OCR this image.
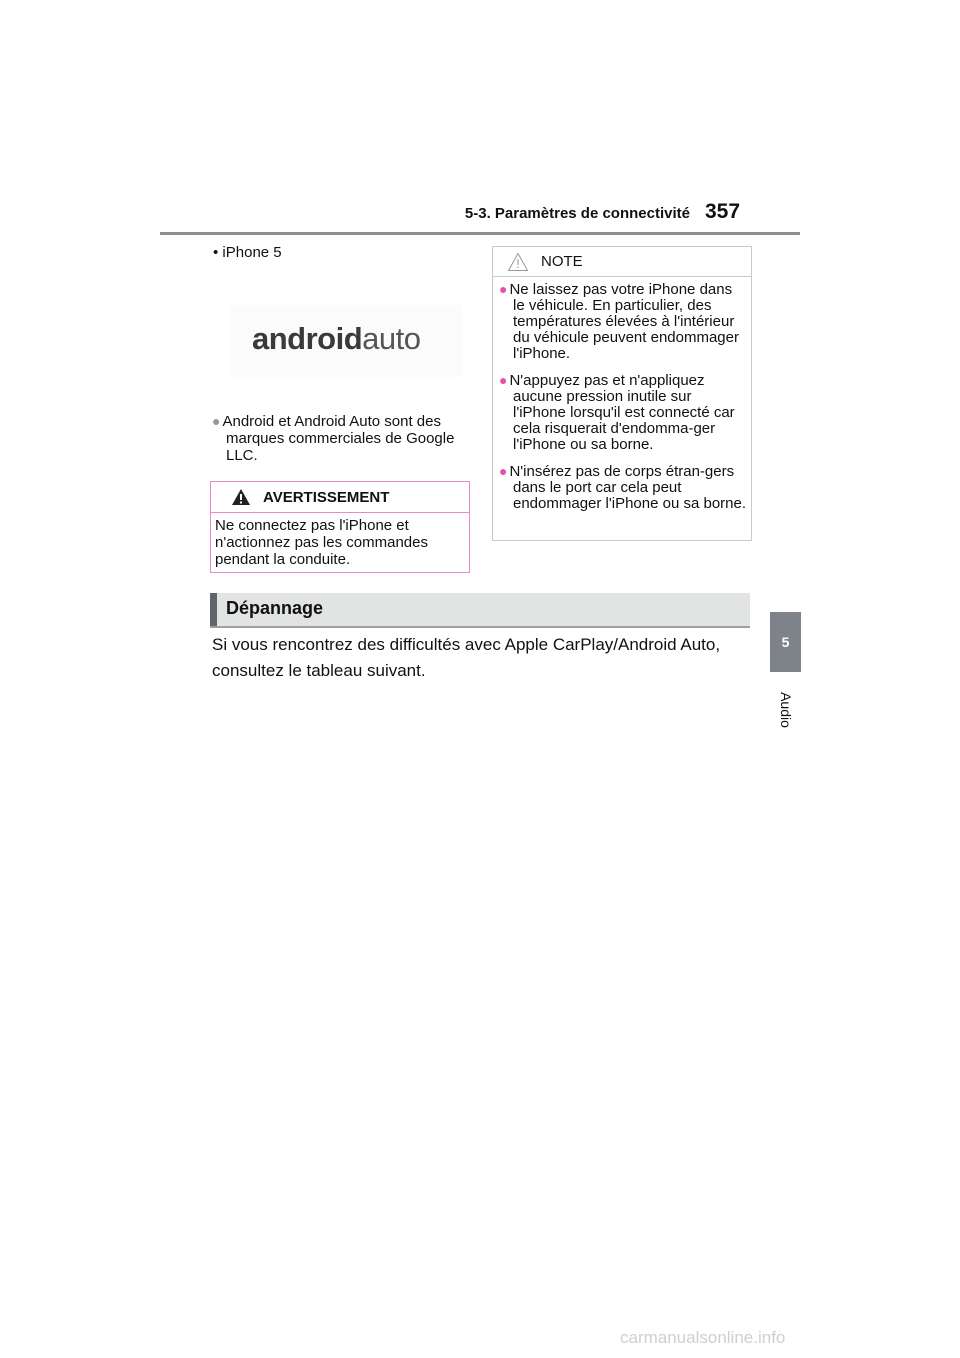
5-3. Paramètres de connectivité 357
5
Audio
• iPhone 5
androidauto
● Android et Android Auto sont des marques commerciales de Google LLC.
AVERTISSEMENT
Ne connectez pas l'iPhone et n'actionnez pas les commandes pendant la conduite.
NOTE
● Ne laissez pas votre iPhone dans le véhicule. En particulier, des températures élevées à l'intérieur du véhicule peuvent endommager l'iPhone.
● N'appuyez pas et n'appliquez aucune pression inutile sur l'iPhone lorsqu'il est connecté car cela risquerait d'endomma-ger l'iPhone ou sa borne.
● N'insérez pas de corps étran-gers dans le port car cela peut endommager l'iPhone ou sa borne.
Dépannage
Si vous rencontrez des difficultés avec Apple CarPlay/Android Auto, consultez le tableau suivant.
carmanualsonline.info
